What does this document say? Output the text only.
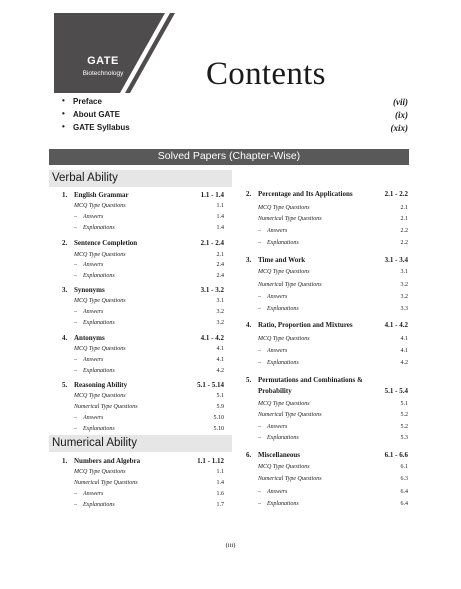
GATE
Biotechnology	Contents
• Preface	(vii)
• About GATE	(ix)
• GATE Syllabus	(xix)
Solved Papers (Chapter-Wise)
Verbal Ability
Numerical Ability
1. English Grammar	1.1 - 1.4
MCQ Type Questions	1.1
– Answers	1.4
– Explanations	1.4
2. Sentence Completion	2.1 - 2.4
MCQ Type Questions	2.1
– Answers	2.4
– Explanations	2.4
3. Synonyms	3.1 - 3.2
MCQ Type Questions	3.1
– Answers	3.2
– Explanations	3.2
4. Antonyms	4.1 - 4.2
MCQ Type Questions	4.1
– Answers	4.1
– Explanations	4.2
5. Reasoning Ability	5.1 - 5.14
MCQ Type Questions	5.1
Numerical Type Questions	5.9
– Answers	5.10
– Explanations	5.10
1. Numbers and Algebra	1.1 - 1.12
MCQ Type Questions	1.1
Numerical Type Questions	1.4
– Answers	1.6
– Explanations	1.7
2. Percentage and Its Applications	2.1 - 2.2
MCQ Type Questions	2.1
Numerical Type Questions	2.1
– Answers	2.2
– Explanations	2.2
3. Time and Work	3.1 - 3.4
MCQ Type Questions	3.1
Numerical Type Questions	3.2
– Answers	3.2
– Explanations	3.3
4. Ratio, Proportion and Mixtures	4.1 - 4.2
MCQ Type Questions	4.1
– Answers	4.1
– Explanations	4.2
5. Permutations and Combinations &
Probability	5.1 - 5.4
MCQ Type Questions	5.1
Numerical Type Questions	5.2
– Answers	5.2
– Explanations	5.3
6. Miscellaneous	6.1 - 6.6
MCQ Type Questions	6.1
Numerical Type Questions	6.3
– Answers	6.4
– Explanations	6.4
(iii)
